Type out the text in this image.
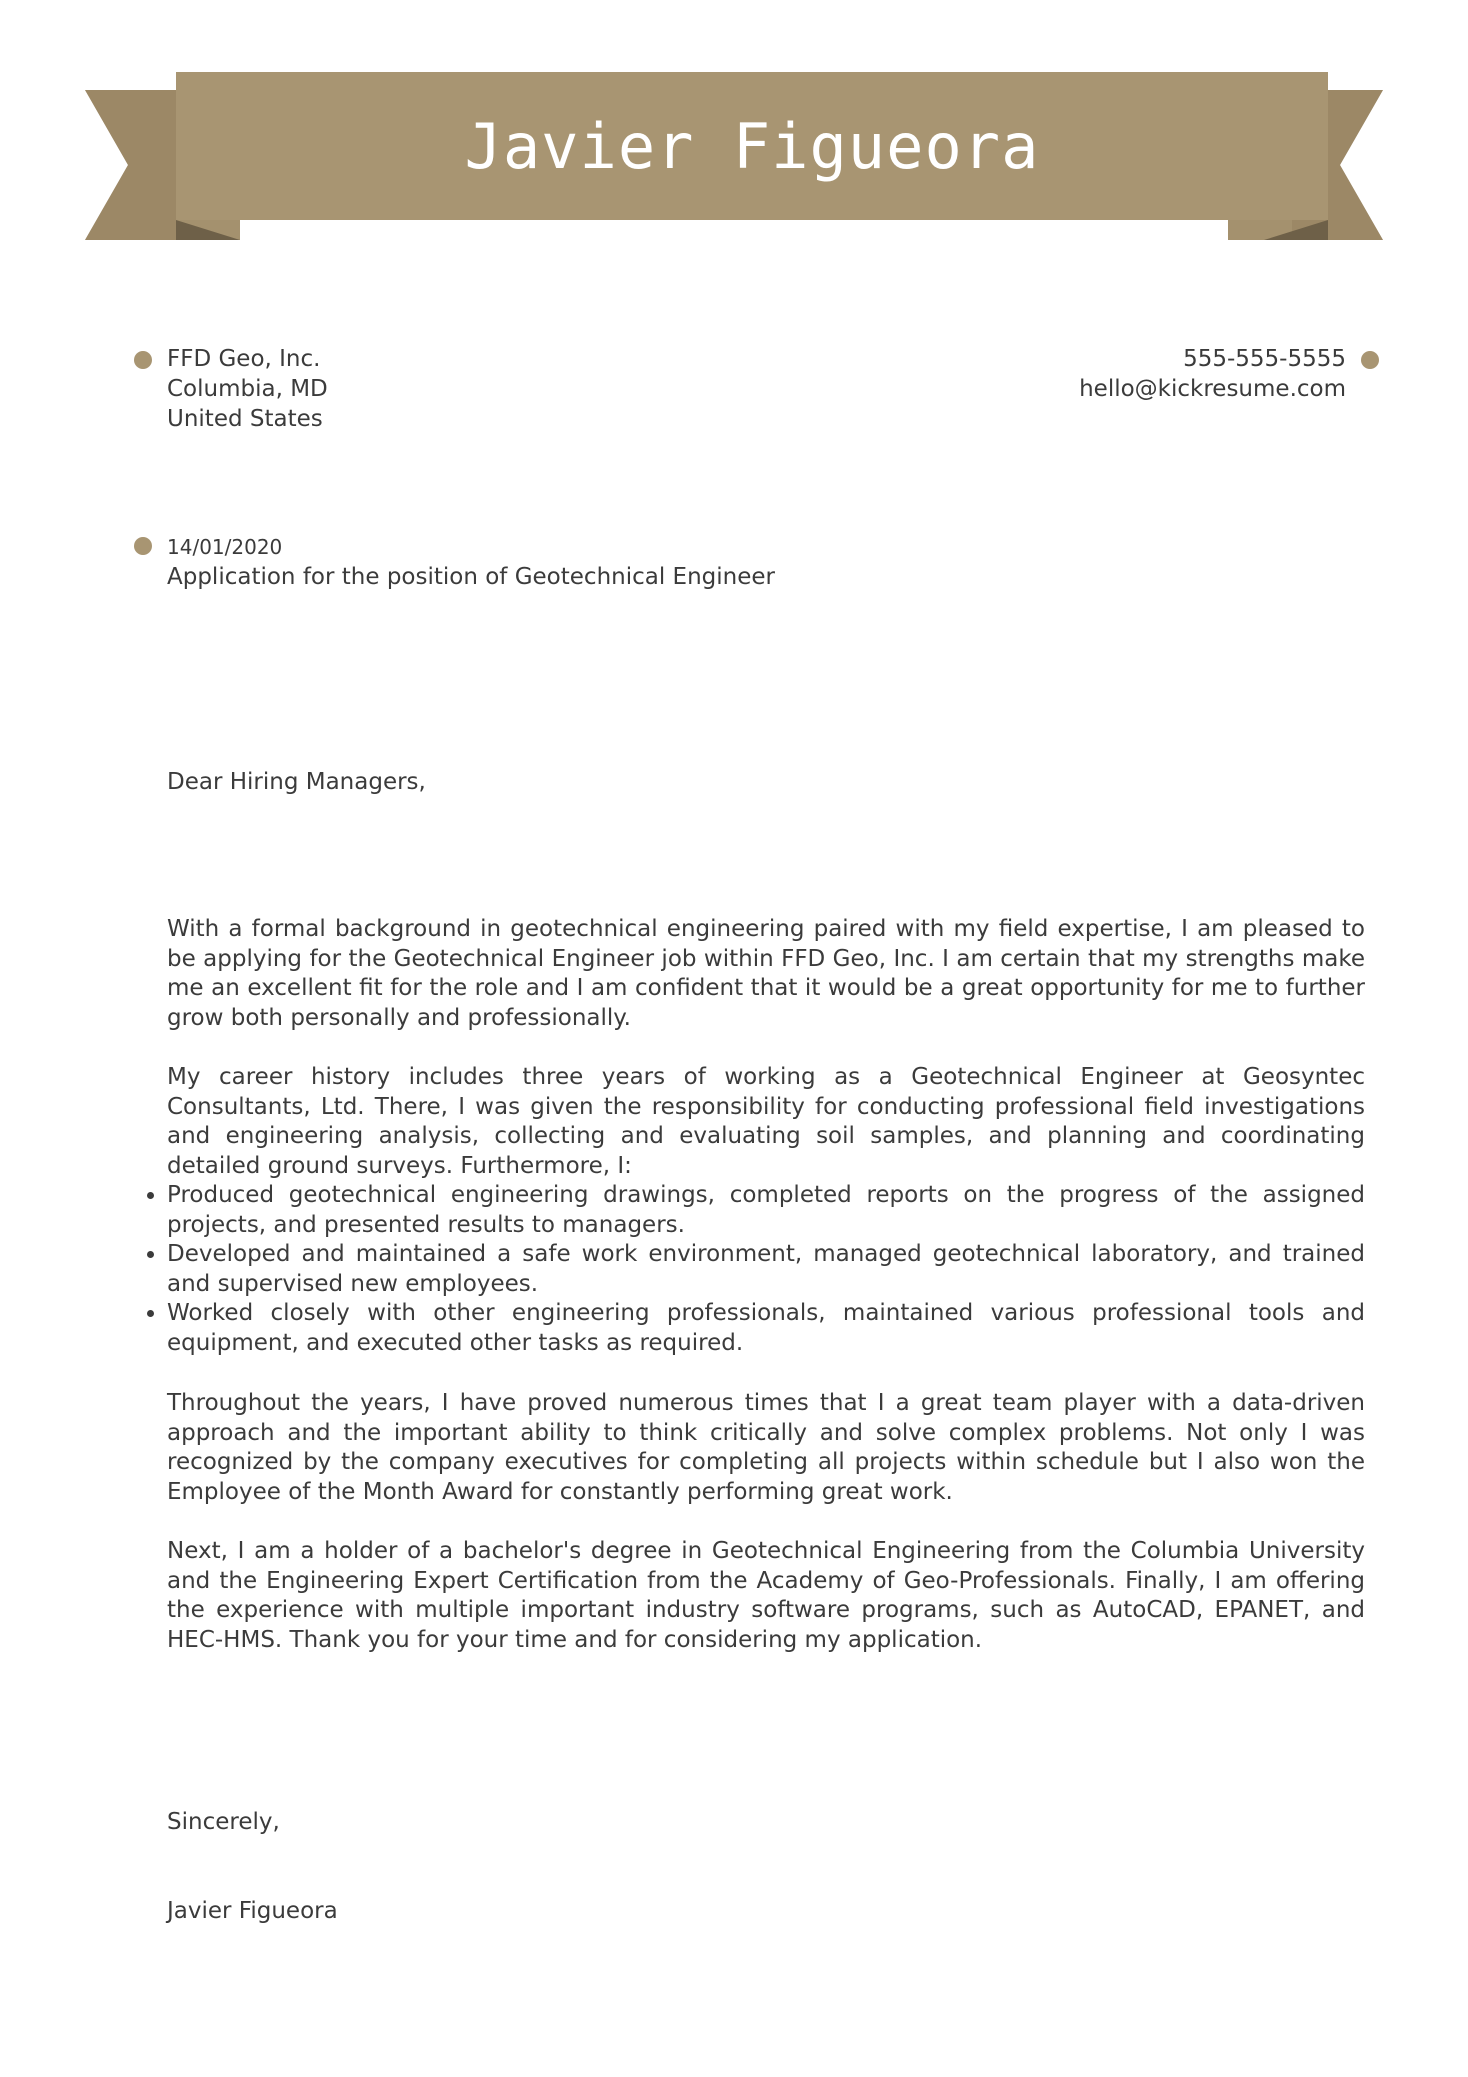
Javier Figueora
FFD Geo, Inc.
Columbia, MD
United States
555-555-5555
hello@kickresume.com
14/01/2020
Application for the position of Geotechnical Engineer
Dear Hiring Managers,

With a formal background in geotechnical engineering paired with my field expertise, I am pleased to be applying for the Geotechnical Engineer job within FFD Geo, Inc. I am certain that my strengths make me an excellent fit for the role and I am confident that it would be a great opportunity for me to further grow both personally and professionally.

My career history includes three years of working as a Geotechnical Engineer at Geosyntec Consultants, Ltd. There, I was given the responsibility for conducting professional field investigations and engineering analysis, collecting and evaluating soil samples, and planning and coordinating detailed ground surveys. Furthermore, I:

• Produced geotechnical engineering drawings, completed reports on the progress of the assigned projects, and presented results to managers.
• Developed and maintained a safe work environment, managed geotechnical laboratory, and trained and supervised new employees.
• Worked closely with other engineering professionals, maintained various professional tools and equipment, and executed other tasks as required.

Throughout the years, I have proved numerous times that I a great team player with a data-driven approach and the important ability to think critically and solve complex problems. Not only I was recognized by the company executives for completing all projects within schedule but I also won the Employee of the Month Award for constantly performing great work.

Next, I am a holder of a bachelor's degree in Geotechnical Engineering from the Columbia University and the Engineering Expert Certification from the Academy of Geo-Professionals. Finally, I am offering the experience with multiple important industry software programs, such as AutoCAD, EPANET, and HEC-HMS. Thank you for your time and for considering my application.

Sincerely,
Javier Figueora
